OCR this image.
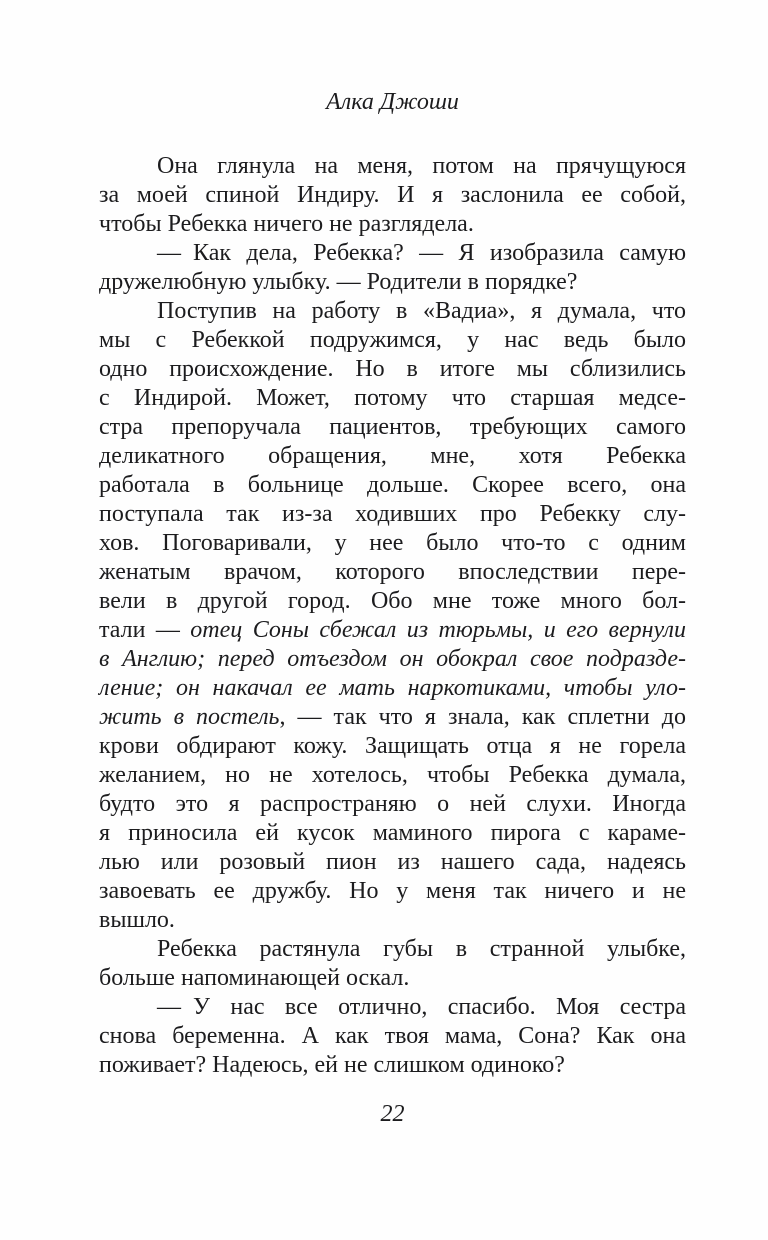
Алка Джоши
Она глянула на меня, потом на прячущуюся
за моей спиной Индиру. И я заслонила ее собой,
чтобы Ребекка ничего не разглядела.
— Как дела, Ребекка? — Я изобразила самую
дружелюбную улыбку. — Родители в порядке?
Поступив на работу в «Вадиа», я думала, что
мы с Ребеккой подружимся, у нас ведь было
одно происхождение. Но в итоге мы сблизились
с Индирой. Может, потому что старшая медсе-
стра препоручала пациентов, требующих самого
деликатного обращения, мне, хотя Ребекка
работала в больнице дольше. Скорее всего, она
поступала так из-за ходивших про Ребекку слу-
хов. Поговаривали, у нее было что-то с одним
женатым врачом, которого впоследствии пере-
вели в другой город. Обо мне тоже много бол-
тали — отец Соны сбежал из тюрьмы, и его вернули
в Англию; перед отъездом он обокрал свое подразде-
ление; он накачал ее мать наркотиками, чтобы уло-
жить в постель, — так что я знала, как сплетни до
крови обдирают кожу. Защищать отца я не горела
желанием, но не хотелось, чтобы Ребекка думала,
будто это я распространяю о ней слухи. Иногда
я приносила ей кусок маминого пирога с караме-
лью или розовый пион из нашего сада, надеясь
завоевать ее дружбу. Но у меня так ничего и не
вышло.
Ребекка растянула губы в странной улыбке,
больше напоминающей оскал.
— У нас все отлично, спасибо. Моя сестра
снова беременна. А как твоя мама, Сона? Как она
поживает? Надеюсь, ей не слишком одиноко?
22
